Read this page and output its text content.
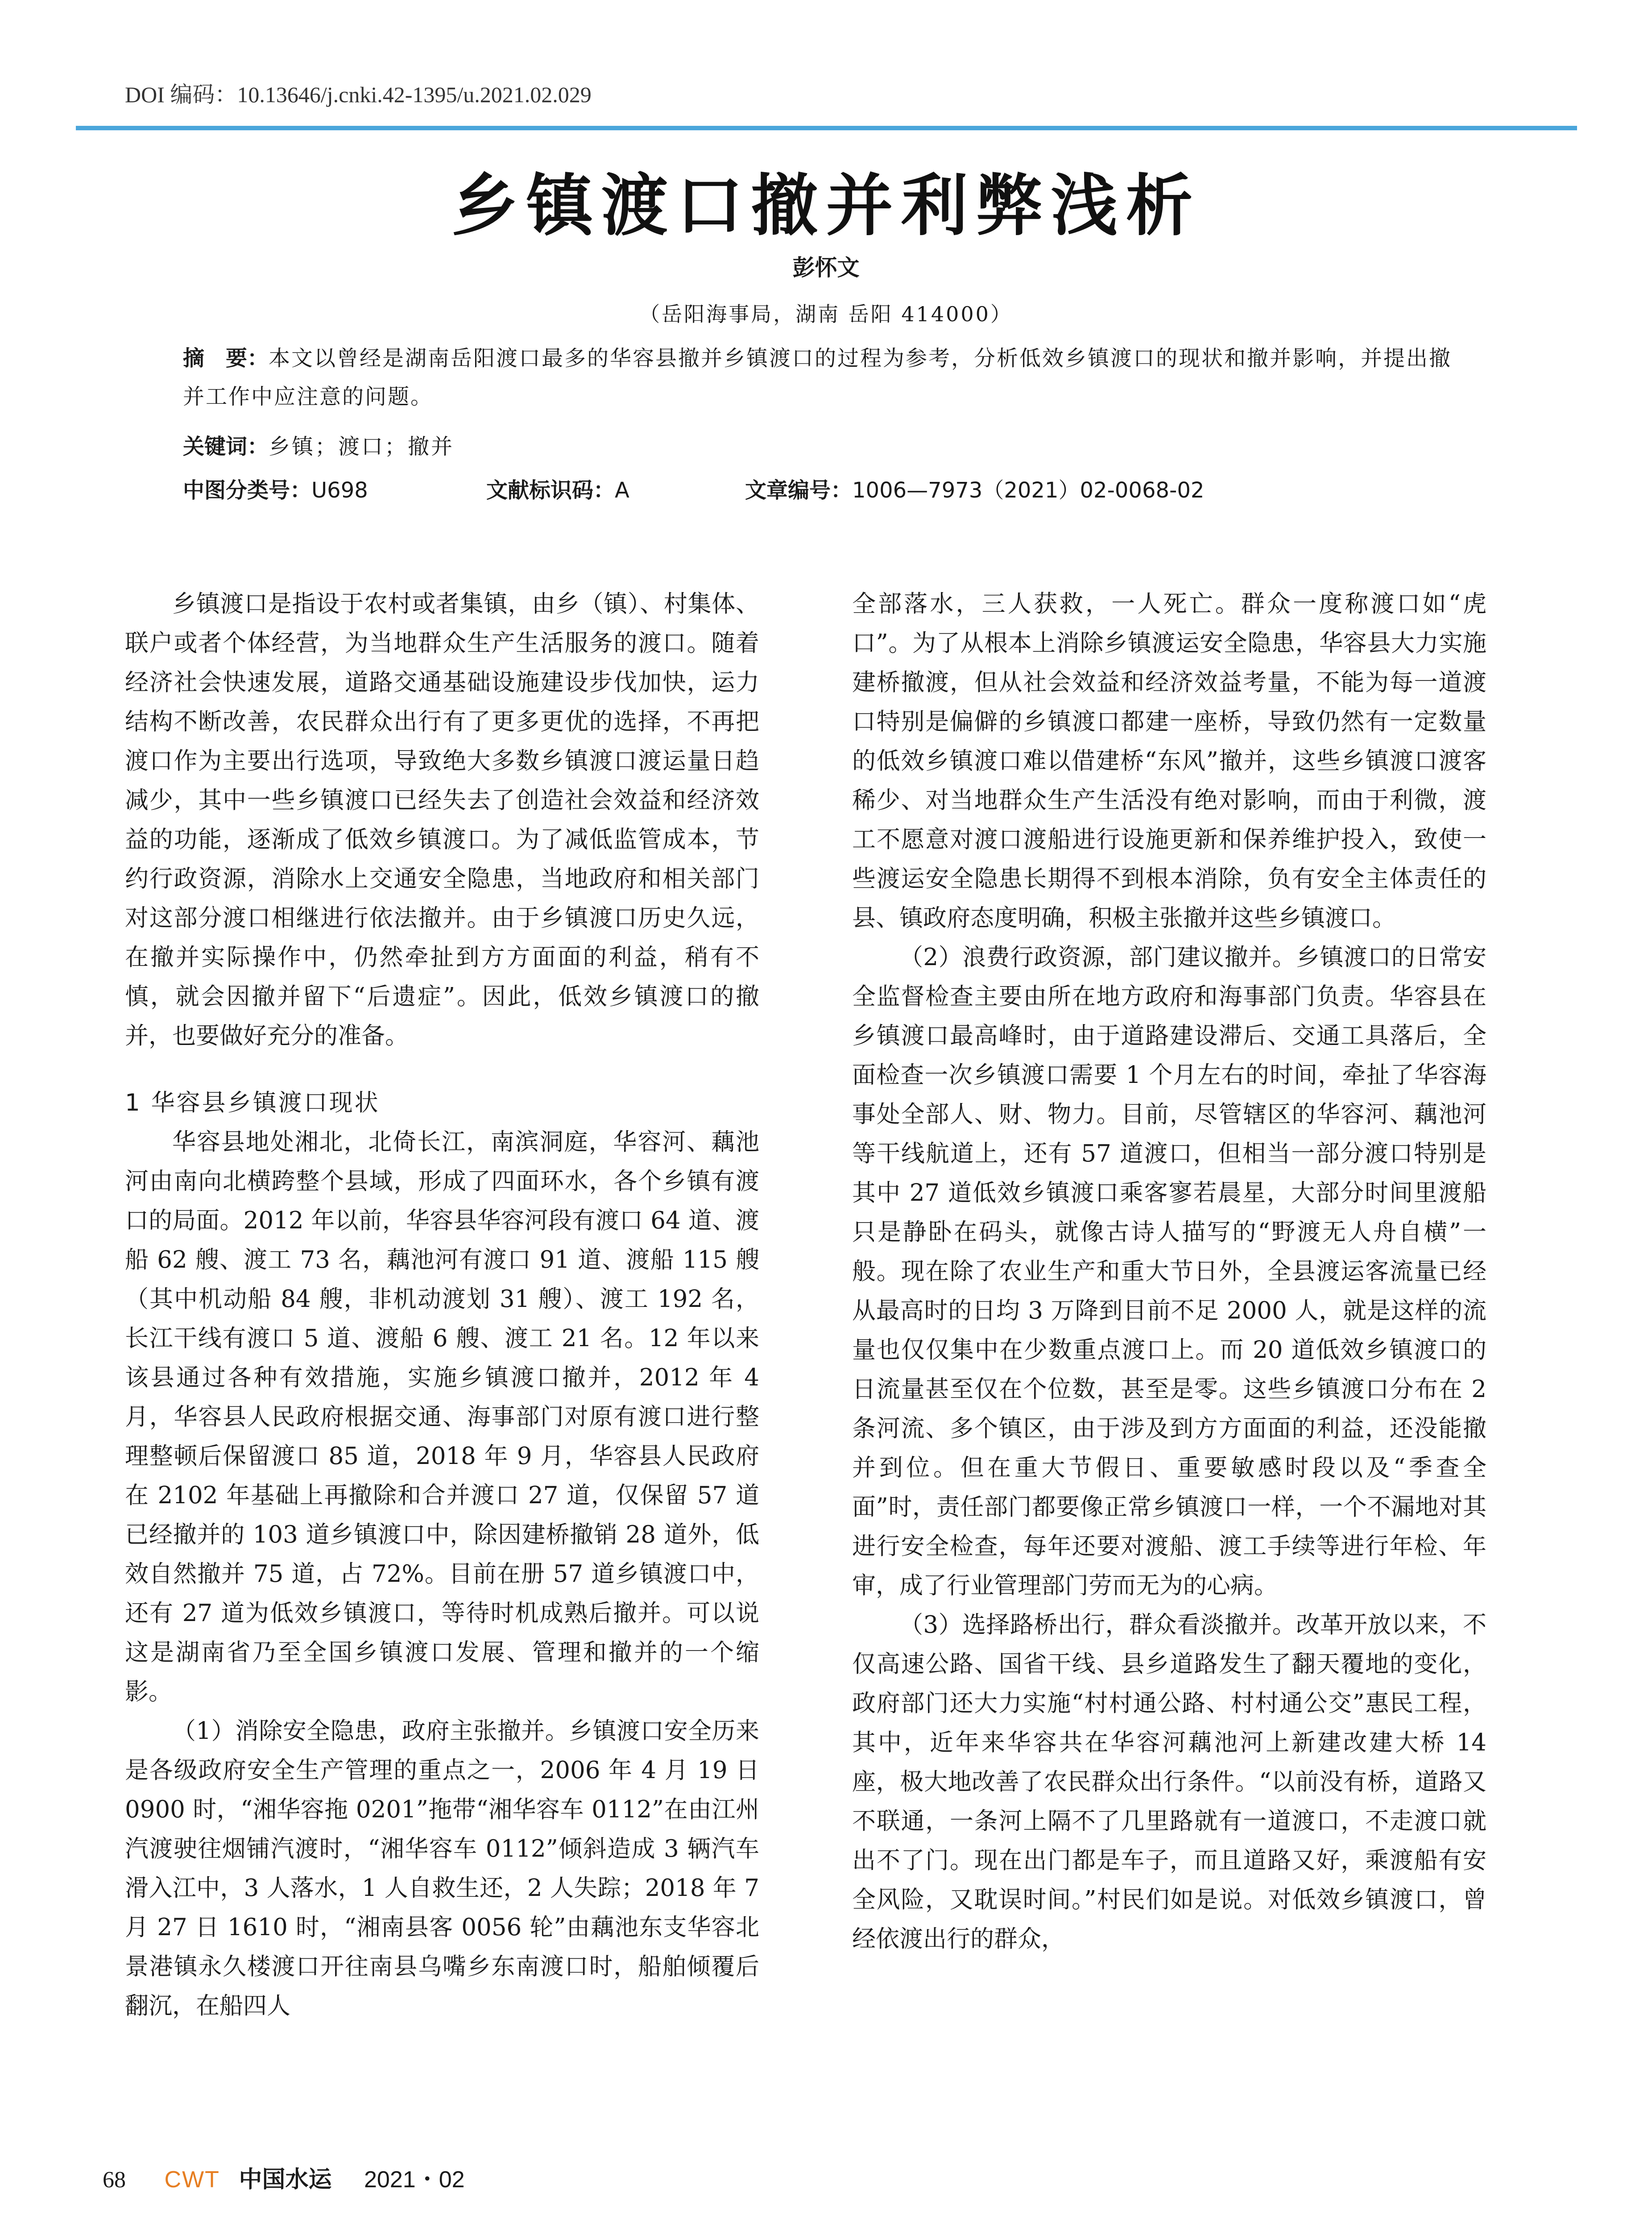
DOI 编码：10.13646/j.cnki.42-1395/u.2021.02.029
乡镇渡口撤并利弊浅析
彭怀文
（岳阳海事局，湖南 岳阳 414000）
摘　要：本文以曾经是湖南岳阳渡口最多的华容县撤并乡镇渡口的过程为参考，分析低效乡镇渡口的现状和撤并影响，并提出撤并工作中应注意的问题。
关键词：乡镇；渡口；撤并
中图分类号：U698	文献标识码：A	文章编号：1006—7973（2021）02-0068-02

乡镇渡口是指设于农村或者集镇，由乡（镇）、村集体、联户或者个体经营，为当地群众生产生活服务的渡口。随着经济社会快速发展，道路交通基础设施建设步伐加快，运力结构不断改善，农民群众出行有了更多更优的选择，不再把渡口作为主要出行选项，导致绝大多数乡镇渡口渡运量日趋减少，其中一些乡镇渡口已经失去了创造社会效益和经济效益的功能，逐渐成了低效乡镇渡口。为了减低监管成本，节约行政资源，消除水上交通安全隐患，当地政府和相关部门对这部分渡口相继进行依法撤并。由于乡镇渡口历史久远，在撤并实际操作中，仍然牵扯到方方面面的利益，稍有不慎，就会因撤并留下“后遗症”。因此，低效乡镇渡口的撤并，也要做好充分的准备。

1 华容县乡镇渡口现状

华容县地处湘北，北倚长江，南滨洞庭，华容河、藕池河由南向北横跨整个县域，形成了四面环水，各个乡镇有渡口的局面。2012 年以前，华容县华容河段有渡口 64 道、渡船 62 艘、渡工 73 名，藕池河有渡口 91 道、渡船 115 艘（其中机动船 84 艘，非机动渡划 31 艘）、渡工 192 名，长江干线有渡口 5 道、渡船 6 艘、渡工 21 名。12 年以来该县通过各种有效措施，实施乡镇渡口撤并，2012 年 4 月，华容县人民政府根据交通、海事部门对原有渡口进行整理整顿后保留渡口 85 道，2018 年 9 月，华容县人民政府在 2102 年基础上再撤除和合并渡口 27 道，仅保留 57 道已经撤并的 103 道乡镇渡口中，除因建桥撤销 28 道外，低效自然撤并 75 道，占 72%。目前在册 57 道乡镇渡口中，还有 27 道为低效乡镇渡口，等待时机成熟后撤并。可以说这是湖南省乃至全国乡镇渡口发展、管理和撤并的一个缩影。

（1）消除安全隐患，政府主张撤并。乡镇渡口安全历来是各级政府安全生产管理的重点之一，2006 年 4 月 19 日 0900 时，“湘华容拖 0201”拖带“湘华容车 0112”在由江州汽渡驶往烟铺汽渡时，“湘华容车 0112”倾斜造成 3 辆汽车滑入江中，3 人落水，1 人自救生还，2 人失踪；2018 年 7 月 27 日 1610 时，“湘南县客 0056 轮”由藕池东支华容北景港镇永久楼渡口开往南县乌嘴乡东南渡口时，船舶倾覆后翻沉，在船四人

全部落水，三人获救，一人死亡。群众一度称渡口如“虎口”。为了从根本上消除乡镇渡运安全隐患，华容县大力实施建桥撤渡，但从社会效益和经济效益考量，不能为每一道渡口特别是偏僻的乡镇渡口都建一座桥，导致仍然有一定数量的低效乡镇渡口难以借建桥“东风”撤并，这些乡镇渡口渡客稀少、对当地群众生产生活没有绝对影响，而由于利微，渡工不愿意对渡口渡船进行设施更新和保养维护投入，致使一些渡运安全隐患长期得不到根本消除，负有安全主体责任的县、镇政府态度明确，积极主张撤并这些乡镇渡口。

（2）浪费行政资源，部门建议撤并。乡镇渡口的日常安全监督检查主要由所在地方政府和海事部门负责。华容县在乡镇渡口最高峰时，由于道路建设滞后、交通工具落后，全面检查一次乡镇渡口需要 1 个月左右的时间，牵扯了华容海事处全部人、财、物力。目前，尽管辖区的华容河、藕池河等干线航道上，还有 57 道渡口，但相当一部分渡口特别是其中 27 道低效乡镇渡口乘客寥若晨星，大部分时间里渡船只是静卧在码头，就像古诗人描写的“野渡无人舟自横”一般。现在除了农业生产和重大节日外，全县渡运客流量已经从最高时的日均 3 万降到目前不足 2000 人，就是这样的流量也仅仅集中在少数重点渡口上。而 20 道低效乡镇渡口的日流量甚至仅在个位数，甚至是零。这些乡镇渡口分布在 2 条河流、多个镇区，由于涉及到方方面面的利益，还没能撤并到位。但在重大节假日、重要敏感时段以及“季查全面”时，责任部门都要像正常乡镇渡口一样，一个不漏地对其进行安全检查，每年还要对渡船、渡工手续等进行年检、年审，成了行业管理部门劳而无为的心病。

（3）选择路桥出行，群众看淡撤并。改革开放以来，不仅高速公路、国省干线、县乡道路发生了翻天覆地的变化，政府部门还大力实施“村村通公路、村村通公交”惠民工程，其中，近年来华容共在华容河藕池河上新建改建大桥 14 座，极大地改善了农民群众出行条件。“以前没有桥，道路又不联通，一条河上隔不了几里路就有一道渡口，不走渡口就出不了门。现在出门都是车子，而且道路又好，乘渡船有安全风险，又耽误时间。”村民们如是说。对低效乡镇渡口，曾经依渡出行的群众，

68 CWT 中国水运 2021・02
